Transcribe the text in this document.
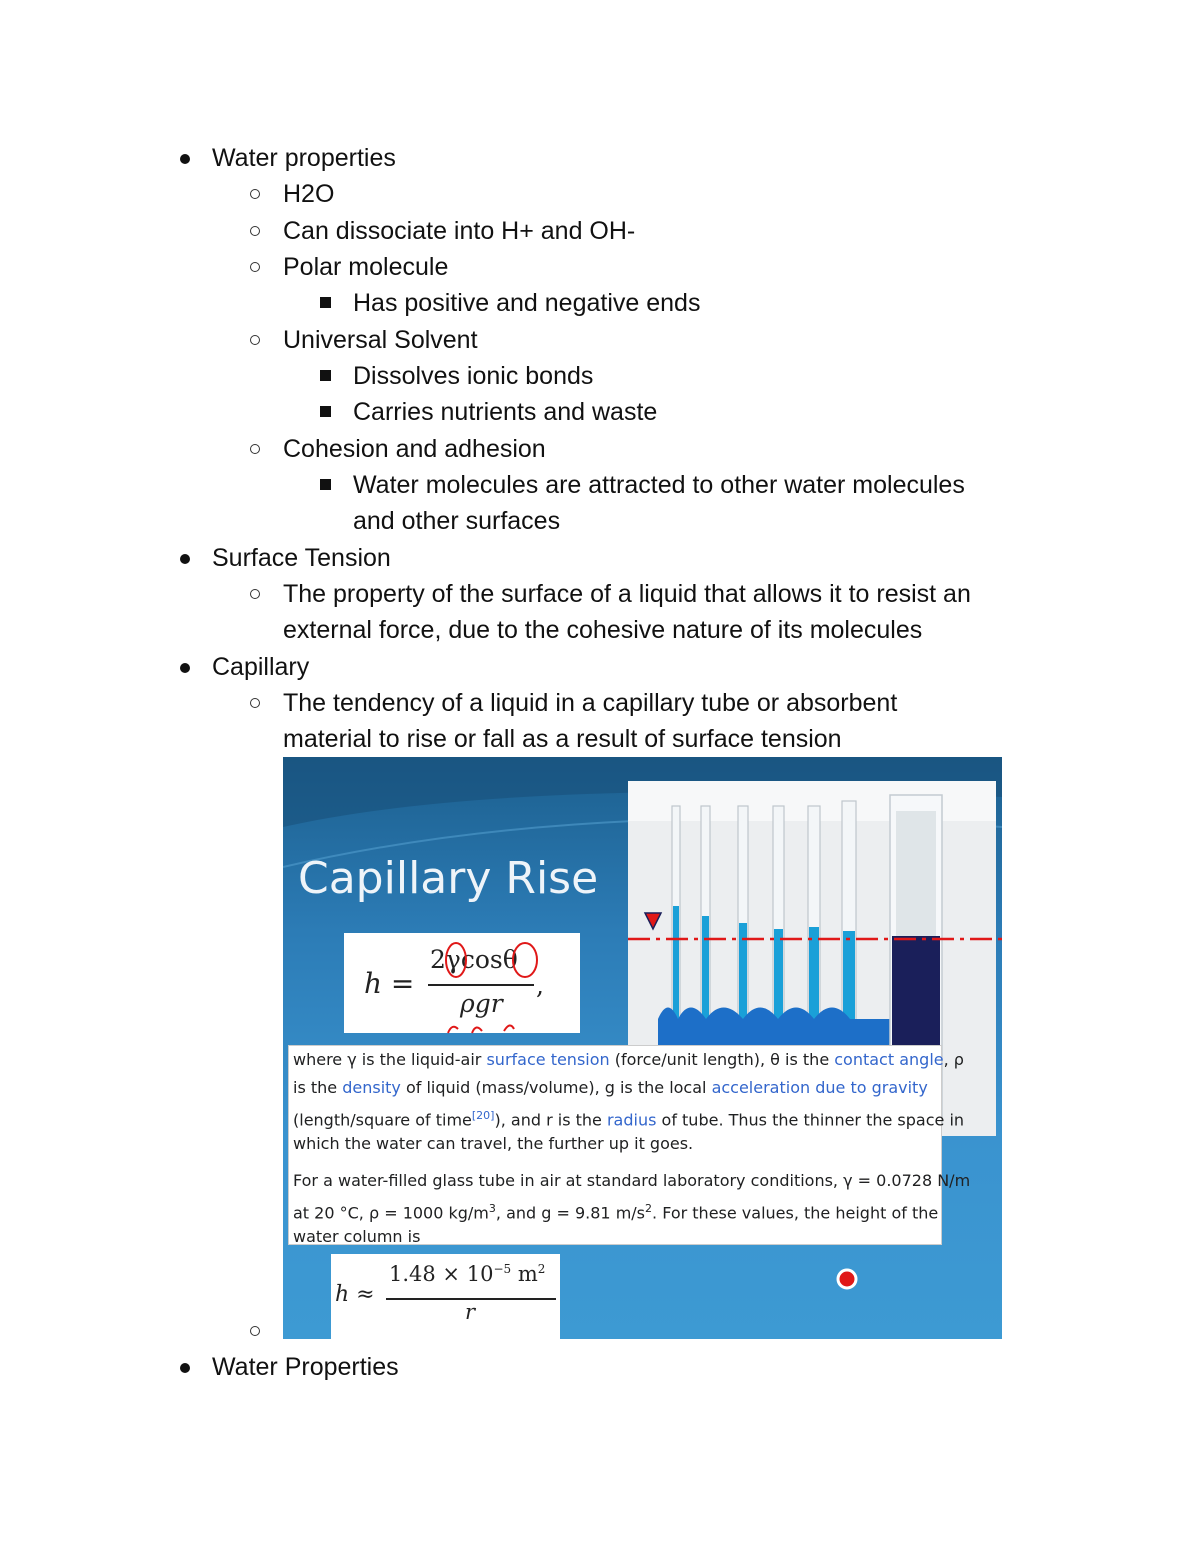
Water properties
H2O
Can dissociate into H+ and OH-
Polar molecule
Has positive and negative ends
Universal Solvent
Dissolves ionic bonds
Carries nutrients and waste
Cohesion and adhesion
Water molecules are attracted to other water molecules
and other surfaces
Surface Tension
The property of the surface of a liquid that allows it to resist an
external force, due to the cohesive nature of its molecules
Capillary
The tendency of a liquid in a capillary tube or absorbent
material to rise or fall as a result of surface tension
Water Properties
Capillary Rise
h =
2γcosθ
ρgr
,
where γ is the liquid-air surface tension (force/unit length), θ is the contact angle, ρ
is the density of liquid (mass/volume), g is the local acceleration due to gravity
(length/square of time[20]), and r is the radius of tube. Thus the thinner the space in
which the water can travel, the further up it goes.
For a water-filled glass tube in air at standard laboratory conditions, γ = 0.0728 N/m
at 20 °C, ρ = 1000 $kg/m^3$, and g = 9.81 $m/s^2$. For these values, the height of the
water column is
h ≈
$1.48 \times 10^{-5}$ $m^2$
r
